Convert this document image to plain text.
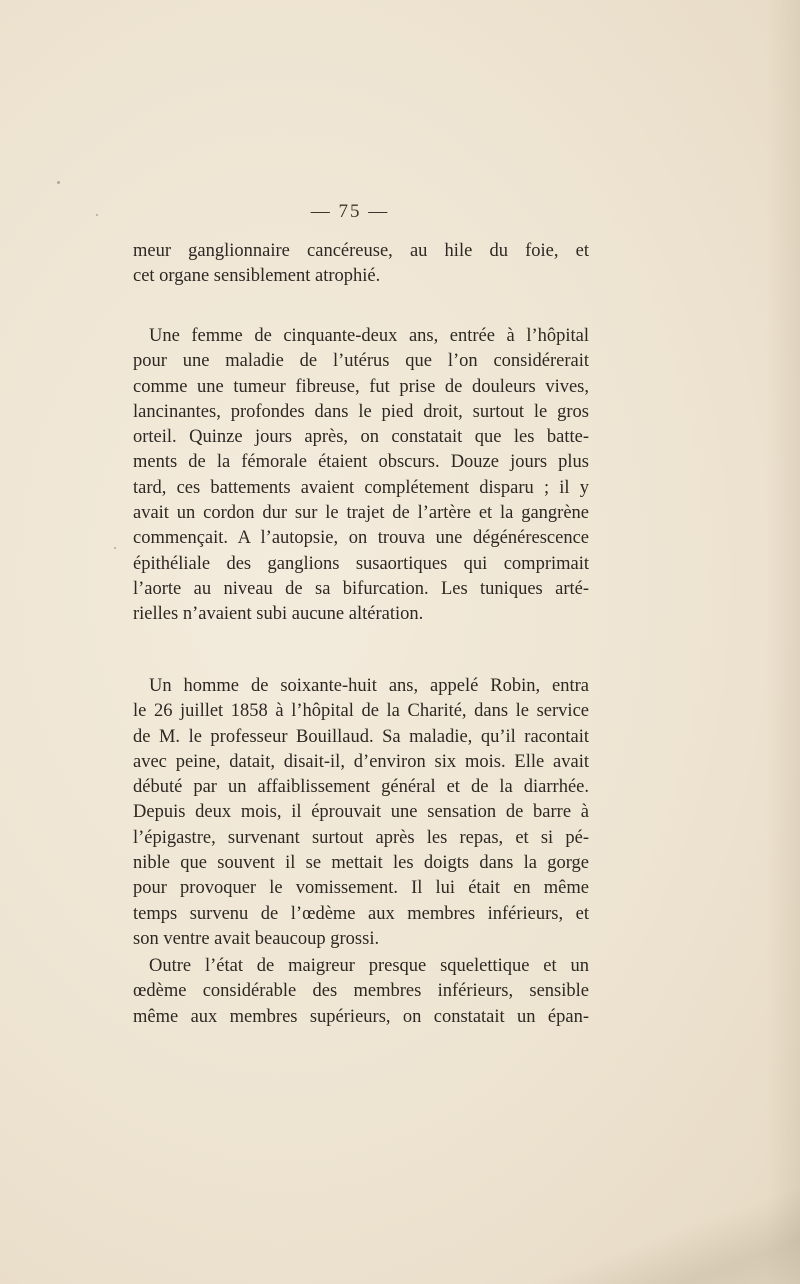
— 75 —
meur ganglionnaire cancéreuse, au hile du foie, et
cet organe sensiblement atrophié.
Une femme de cinquante-deux ans, entrée à l’hôpital
pour une maladie de l’utérus que l’on considérerait
comme une tumeur fibreuse, fut prise de douleurs vives,
lancinantes, profondes dans le pied droit, surtout le gros
orteil. Quinze jours après, on constatait que les batte-
ments de la fémorale étaient obscurs. Douze jours plus
tard, ces battements avaient complétement disparu ; il y
avait un cordon dur sur le trajet de l’artère et la gangrène
commençait. A l’autopsie, on trouva une dégénérescence
épithéliale des ganglions susaortiques qui comprimait
l’aorte au niveau de sa bifurcation. Les tuniques arté-
rielles n’avaient subi aucune altération.
Un homme de soixante-huit ans, appelé Robin, entra
le 26 juillet 1858 à l’hôpital de la Charité, dans le service
de M. le professeur Bouillaud. Sa maladie, qu’il racontait
avec peine, datait, disait-il, d’environ six mois. Elle avait
débuté par un affaiblissement général et de la diarrhée.
Depuis deux mois, il éprouvait une sensation de barre à
l’épigastre, survenant surtout après les repas, et si pé-
nible que souvent il se mettait les doigts dans la gorge
pour provoquer le vomissement. Il lui était en même
temps survenu de l’œdème aux membres inférieurs, et
son ventre avait beaucoup grossi.
Outre l’état de maigreur presque squelettique et un
œdème considérable des membres inférieurs, sensible
même aux membres supérieurs, on constatait un épan-
